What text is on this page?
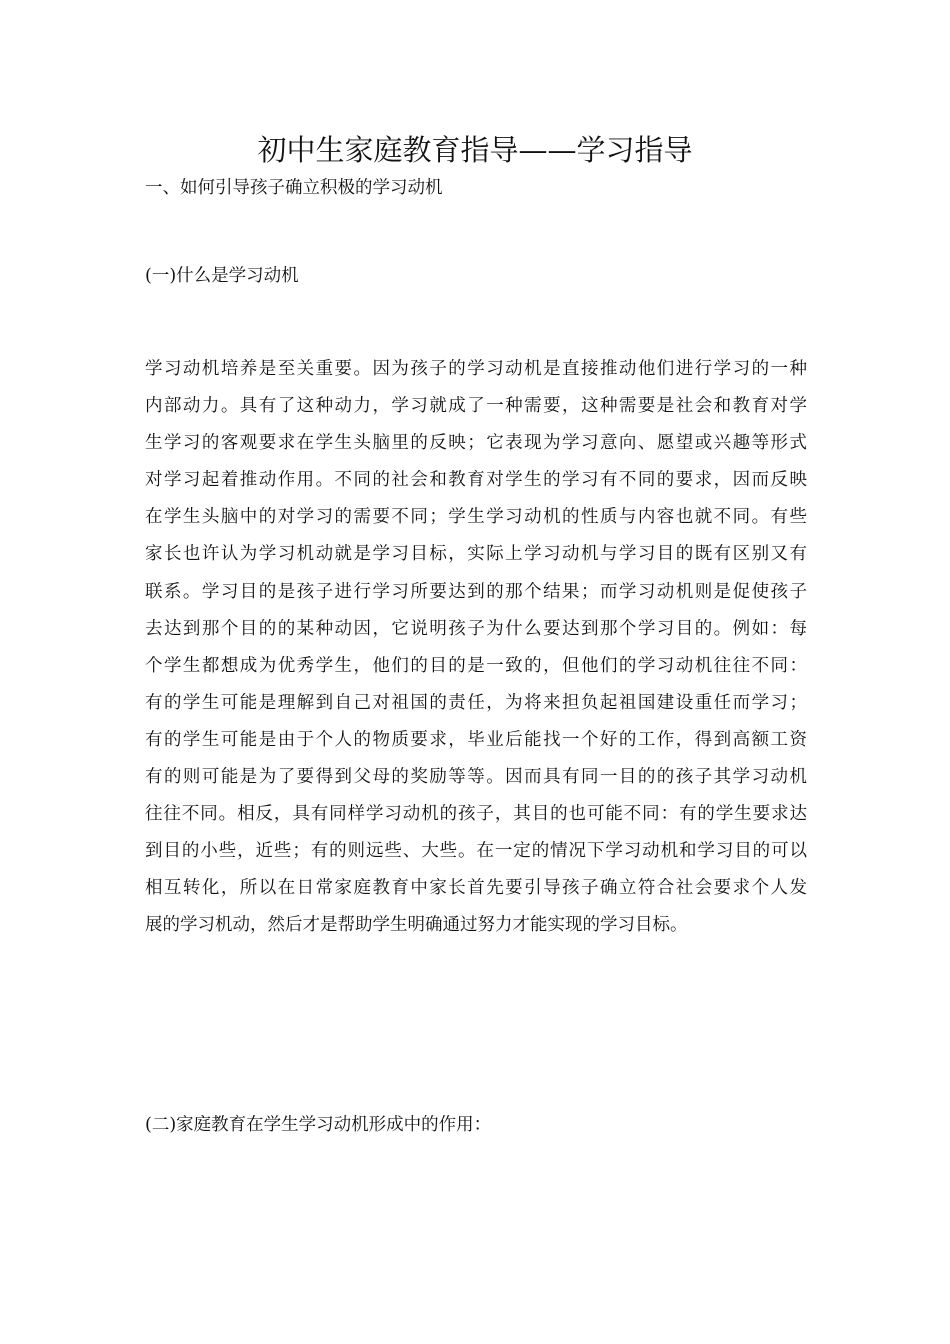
初中生家庭教育指导——学习指导
一、如何引导孩子确立积极的学习动机
(一)什么是学习动机
学习动机培养是至关重要。因为孩子的学习动机是直接推动他们进行学习的一种
内部动力。具有了这种动力，学习就成了一种需要，这种需要是社会和教育对学
生学习的客观要求在学生头脑里的反映；它表现为学习意向、愿望或兴趣等形式
对学习起着推动作用。不同的社会和教育对学生的学习有不同的要求，因而反映
在学生头脑中的对学习的需要不同；学生学习动机的性质与内容也就不同。有些
家长也许认为学习机动就是学习目标，实际上学习动机与学习目的既有区别又有
联系。学习目的是孩子进行学习所要达到的那个结果；而学习动机则是促使孩子
去达到那个目的的某种动因，它说明孩子为什么要达到那个学习目的。例如：每
个学生都想成为优秀学生，他们的目的是一致的，但他们的学习动机往往不同：
有的学生可能是理解到自己对祖国的责任，为将来担负起祖国建设重任而学习；
有的学生可能是由于个人的物质要求，毕业后能找一个好的工作，得到高额工资
有的则可能是为了要得到父母的奖励等等。因而具有同一目的的孩子其学习动机
往往不同。相反，具有同样学习动机的孩子，其目的也可能不同：有的学生要求达
到目的小些，近些；有的则远些、大些。在一定的情况下学习动机和学习目的可以
相互转化，所以在日常家庭教育中家长首先要引导孩子确立符合社会要求个人发
展的学习机动，然后才是帮助学生明确通过努力才能实现的学习目标。
(二)家庭教育在学生学习动机形成中的作用：
